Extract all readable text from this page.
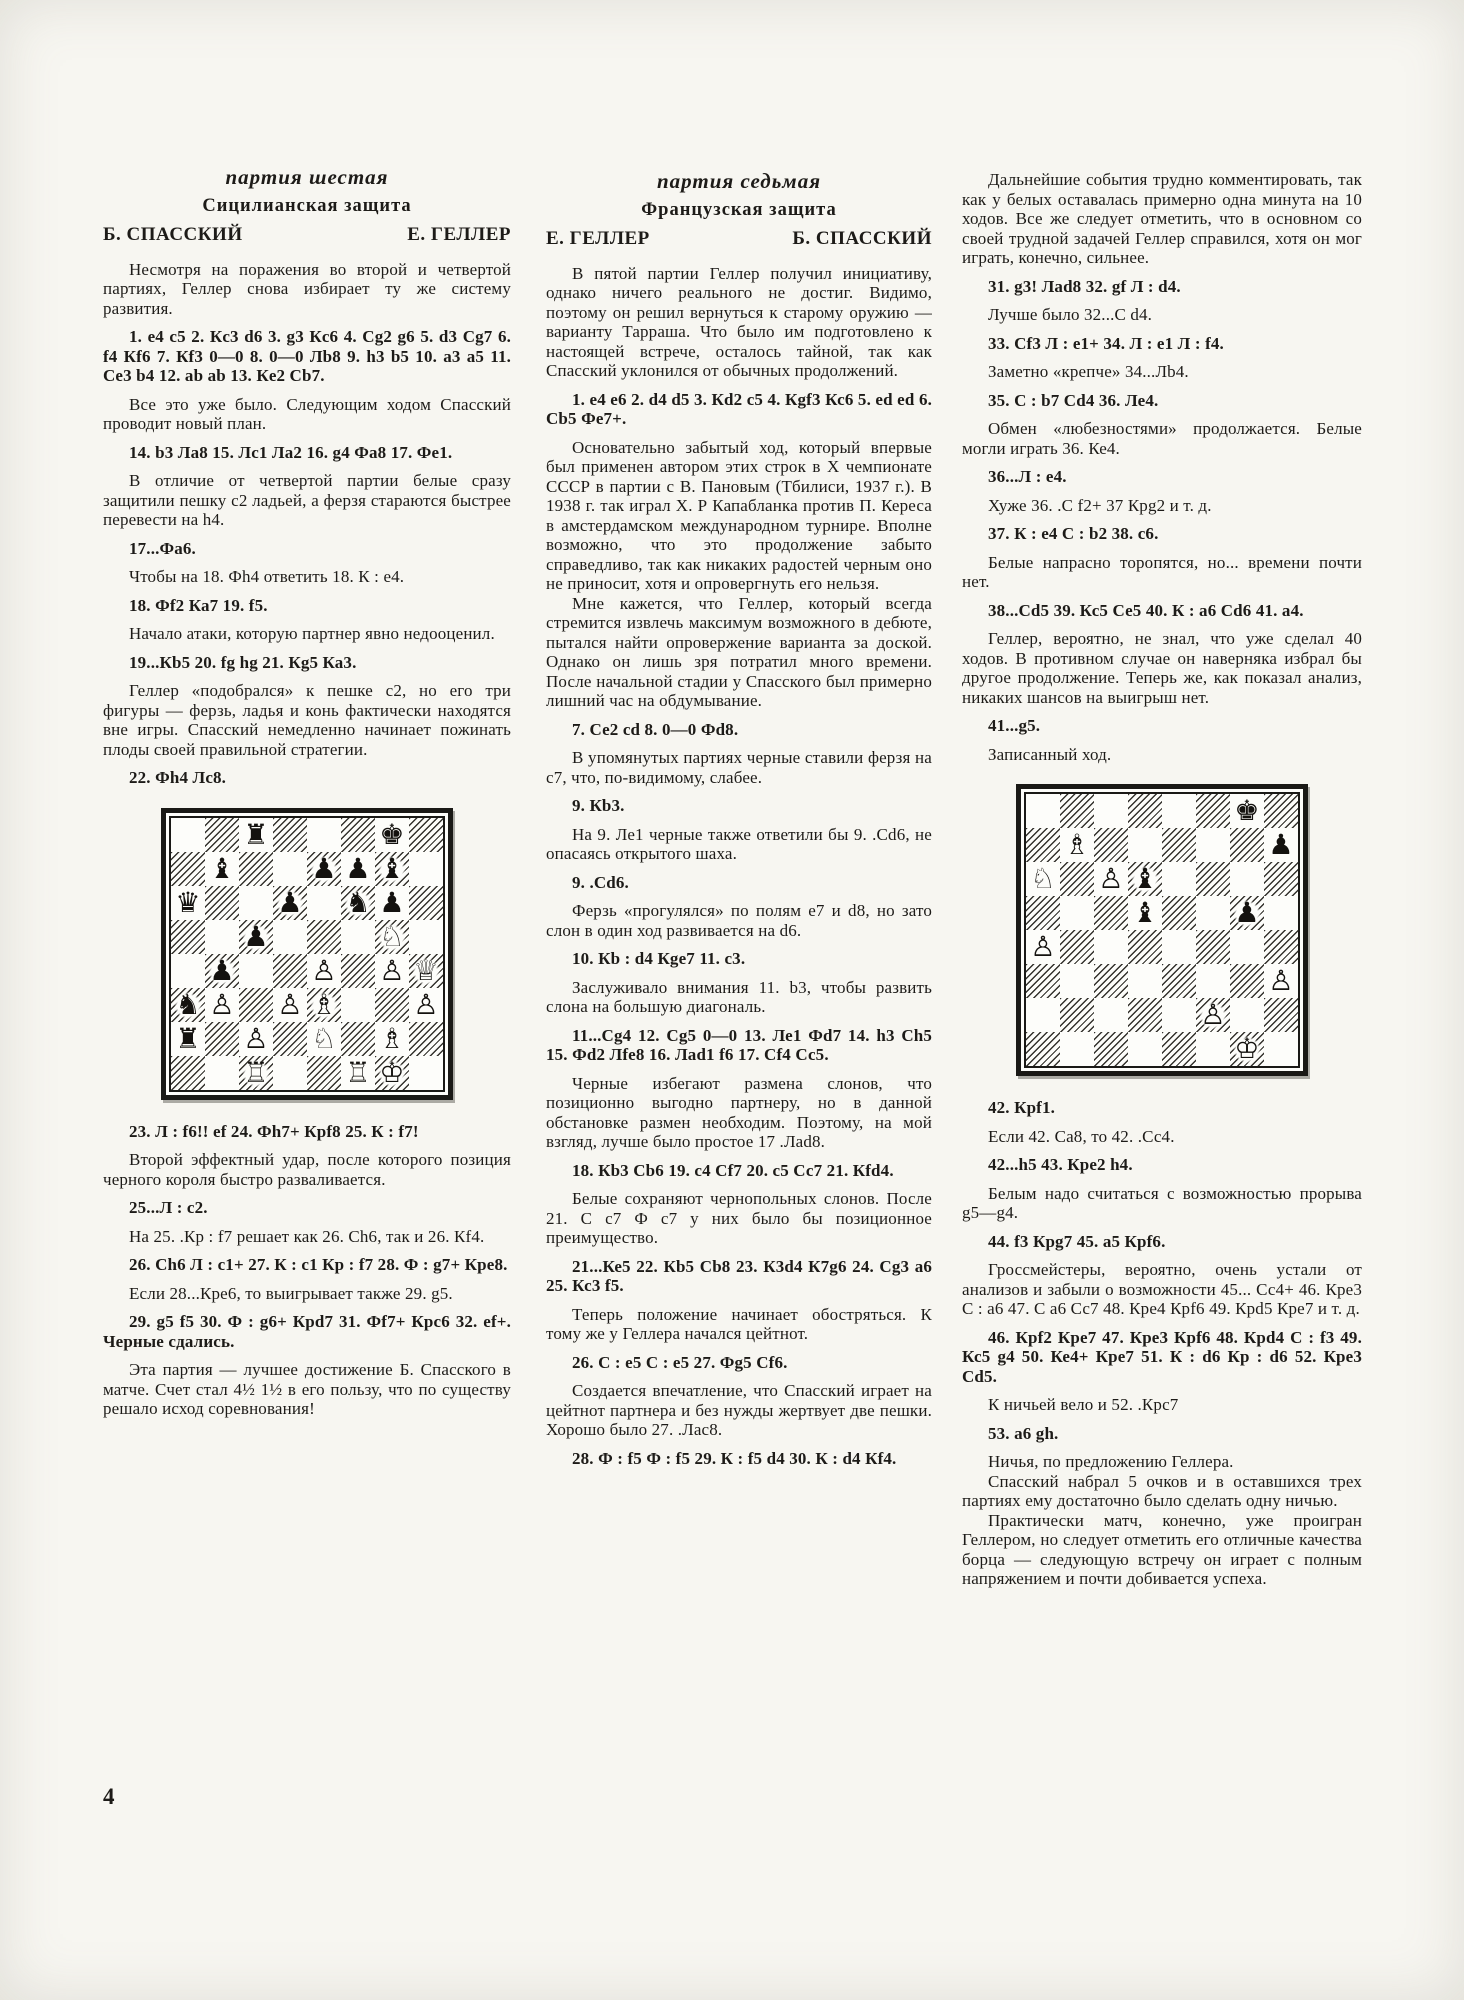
партия шестая
Сицилианская защита
Б. СПАССКИЙ	Е. ГЕЛЛЕР

Несмотря на поражения во второй и четвертой партиях, Геллер снова избирает ту же систему развития.

1. e4 c5 2. Кc3 d6 3. g3 Кc6 4. Cg2 g6 5. d3 Cg7 6. f4 Кf6 7. Кf3 0—0 8. 0—0 Лb8 9. h3 b5 10. a3 a5 11. Ce3 b4 12. ab ab 13. Кe2 Cb7.

Все это уже было. Следующим ходом Спасский проводит новый план.

14. b3 Ла8 15. Лс1 Ла2 16. g4 Фа8 17. Фе1.

В отличие от четвертой партии белые сразу защитили пешку с2 ладьей, а ферзя стараются быстрее перевести на h4.

17...Фа6.

Чтобы на 18. Фh4 ответить 18. К : е4.

18. Фf2 Ка7 19. f5.

Начало атаки, которую партнер явно недооценил.

19...Кb5 20. fg hg 21. Кg5 Ка3.

Геллер «подобрался» к пешке с2, но его три фигуры — ферзь, ладья и конь фактически находятся вне игры. Спасский немедленно начинает пожинать плоды своей правильной стратегии.

22. Фh4 Лс8.

♜	♚
♝	♟ ♟ ♝
♛	♟ ♞ ♟
♟	♘
♟	♙ ♙ ♕
♞ ♙ ♙ ♗	♙
♜ ♙ ♘ ♗
♖	♖ ♔

23. Л : f6!! ef 24. Фh7+ Крf8 25. К : f7!

Второй эффектный удар, после которого позиция черного короля быстро разваливается.

25...Л : с2.

На 25. .Кр : f7 решает как 26. Ch6, так и 26. Кf4.

26. Ch6 Л : c1+ 27. К : c1 Кр : f7 28. Ф : g7+ Кре8.

Если 28...Кре6, то выигрывает также 29. g5.

29. g5 f5 30. Ф : g6+ Крd7 31. Фf7+ Крс6 32. ef+. Черные сдались.

Эта партия — лучшее достижение Б. Спасского в матче. Счет стал 4½ 1½ в его пользу, что по существу решало исход соревнования!

партия седьмая
Французская защита
Е. ГЕЛЛЕР	Б. СПАССКИЙ

В пятой партии Геллер получил инициативу, однако ничего реального не достиг. Видимо, поэтому он решил вернуться к старому оружию — варианту Тарраша. Что было им подготовлено к настоящей встрече, осталось тайной, так как Спасский уклонился от обычных продолжений.

1. e4 e6 2. d4 d5 3. Кd2 c5 4. Кgf3 Кс6 5. ed ed 6. Cb5 Фе7+.

Основательно забытый ход, который впервые был применен автором этих строк в X чемпионате СССР в партии с В. Пановым (Тбилиси, 1937 г.). В 1938 г. так играл Х. Р Капабланка против П. Кереса в амстердамском международном турнире. Вполне возможно, что это продолжение забыто справедливо, так как никаких радостей черным оно не приносит, хотя и опровергнуть его нельзя.

Мне кажется, что Геллер, который всегда стремится извлечь максимум возможного в дебюте, пытался найти опровержение варианта за доской. Однако он лишь зря потратил много времени. После начальной стадии у Спасского был примерно лишний час на обдумывание.

7. Се2 cd 8. 0—0 Фd8.

В упомянутых партиях черные ставили ферзя на с7, что, по-видимому, слабее.

9. Кb3.

На 9. Ле1 черные также ответили бы 9. .Сd6, не опасаясь открытого шаха.

9. .Сd6.

Ферзь «прогулялся» по полям е7 и d8, но зато слон в один ход развивается на d6.

10. Кb : d4 Кge7 11. с3.

Заслуживало внимания 11. b3, чтобы развить слона на большую диагональ.

11...Cg4 12. Cg5 0—0 13. Ле1 Фd7 14. h3 Ch5 15. Фd2 Лfе8 16. Лad1 f6 17. Сf4 Сс5.

Черные избегают размена слонов, что позиционно выгодно партнеру, но в данной обстановке размен необходим. Поэтому, на мой взгляд, лучше было простое 17 .Лad8.

18. Кb3 Сb6 19. c4 Сf7 20. c5 Сс7 21. Кfd4.

Белые сохраняют чернопольных слонов. После 21. С с7 Ф с7 у них было бы позиционное преимущество.

21...Ке5 22. Кb5 Сb8 23. К3d4 К7g6 24. Cg3 a6 25. Кс3 f5.

Теперь положение начинает обостряться. К тому же у Геллера начался цейтнот.

26. С : е5 С : е5 27. Фg5 Сf6.

Создается впечатление, что Спасский играет на цейтнот партнера и без нужды жертвует две пешки. Хорошо было 27. .Лас8.

28. Ф : f5 Ф : f5 29. К : f5 d4 30. К : d4 Кf4.

Дальнейшие события трудно комментировать, так как у белых оставалась примерно одна минута на 10 ходов. Все же следует отметить, что в основном со своей трудной задачей Геллер справился, хотя он мог играть, конечно, сильнее.

31. g3! Лad8 32. gf Л : d4.

Лучше было 32...С d4.

33. Сf3 Л : e1+ 34. Л : e1 Л : f4.

Заметно «крепче» 34...Лb4.

35. С : b7 Сd4 36. Ле4.

Обмен «любезностями» продолжается. Белые могли играть 36. Ке4.

36...Л : е4.

Хуже 36. .С f2+ 37 Крg2 и т. д.

37. К : е4 С : b2 38. с6.

Белые напрасно торопятся, но... времени почти нет.

38...Cd5 39. Кс5 Се5 40. К : а6 Cd6 41. а4.

Геллер, вероятно, не знал, что уже сделал 40 ходов. В противном случае он наверняка избрал бы другое продолжение. Теперь же, как показал анализ, никаких шансов на выигрыш нет.

41...g5.

Записанный ход.

♚
♗	♟
♘ ♙ ♝
♝	♟
♙
♙
♙
♔

42. Крf1.

Если 42. Са8, то 42. .Сс4.

42...h5 43. Кре2 h4.

Белым надо считаться с возможностью прорыва g5—g4.

44. f3 Крg7 45. a5 Крf6.

Гроссмейстеры, вероятно, очень устали от анализов и забыли о возможности 45... Сс4+ 46. Кре3 С : а6 47. С а6 Сс7 48. Кре4 Крf6 49. Крd5 Кре7 и т. д.

46. Крf2 Кре7 47. Кре3 Крf6 48. Крd4 С : f3 49. Кс5 g4 50. Ке4+ Кре7 51. К : d6 Кр : d6 52. Кре3 Сd5.

К ничьей вело и 52. .Крс7

53. a6 gh.

Ничья, по предложению Геллера.

Спасский набрал 5 очков и в оставшихся трех партиях ему достаточно было сделать одну ничью.

Практически матч, конечно, уже проигран Геллером, но следует отметить его отличные качества борца — следующую встречу он играет с полным напряжением и почти добивается успеха.

4
